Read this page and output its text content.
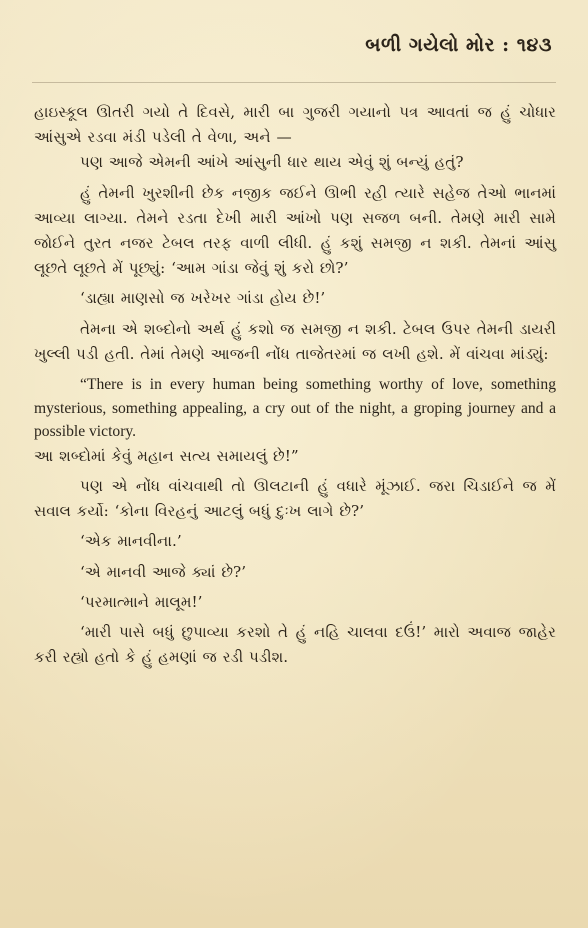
બળી ગયેલો મોર : ૧૪૩

હાઇસ્કૂલ ઊતરી ગયો તે દિવસે, મારી બા ગુજરી ગયાનો પત્ર આવતાં જ હું ચોધાર આંસુએ રડવા મંડી પડેલી તે વેળા, અને —

પણ આજે એમની આંખે આંસુની ધાર થાય એવું શું બન્યું હતું?

હું તેમની ખુરશીની છેક નજીક જઈને ઊભી રહી ત્યારે સહેજ તેઓ ભાનમાં આવ્યા લાગ્યા. તેમને રડતા દેખી મારી આંખો પણ સજળ બની. તેમણે મારી સામે જોઈને તુરત નજર ટેબલ તરફ વાળી લીધી. હું કશું સમજી ન શકી. તેમનાં આંસુ લૂછતે લૂછતે મેં પૂછ્યું: ‘આમ ગાંડા જેવું શું કરો છો?’

‘ડાહ્યા માણસો જ ખરેખર ગાંડા હોય છે!’

તેમના એ શબ્દોનો અર્થ હું કશો જ સમજી ન શકી. ટેબલ ઉપર તેમની ડાયરી ખુલ્લી પડી હતી. તેમાં તેમણે આજની નોંધ તાજેતરમાં જ લખી હશે. મેં વાંચવા માંડ્યું:

“There is in every human being something worthy of love, something mysterious, something appealing, a cry out of the night, a groping journey and a possible victory.

આ શબ્દોમાં કેવું મહાન સત્ય સમાયલું છે!”

પણ એ નોંધ વાંચવાથી તો ઊલટાની હું વધારે મૂંઝાઈ. જરા ચિડાઈને જ મેં સવાલ કર્યો: ‘કોના વિરહનું આટલું બધું દુઃખ લાગે છે?’

‘એક માનવીના.’

‘એ માનવી આજે ક્યાં છે?’

‘પરમાત્માને માલૂમ!’

‘મારી પાસે બધું છુપાવ્યા કરશો તે હું નહિ ચાલવા દઉં!’ મારો અવાજ જાહેર કરી રહ્યો હતો કે હું હમણાં જ રડી પડીશ.
